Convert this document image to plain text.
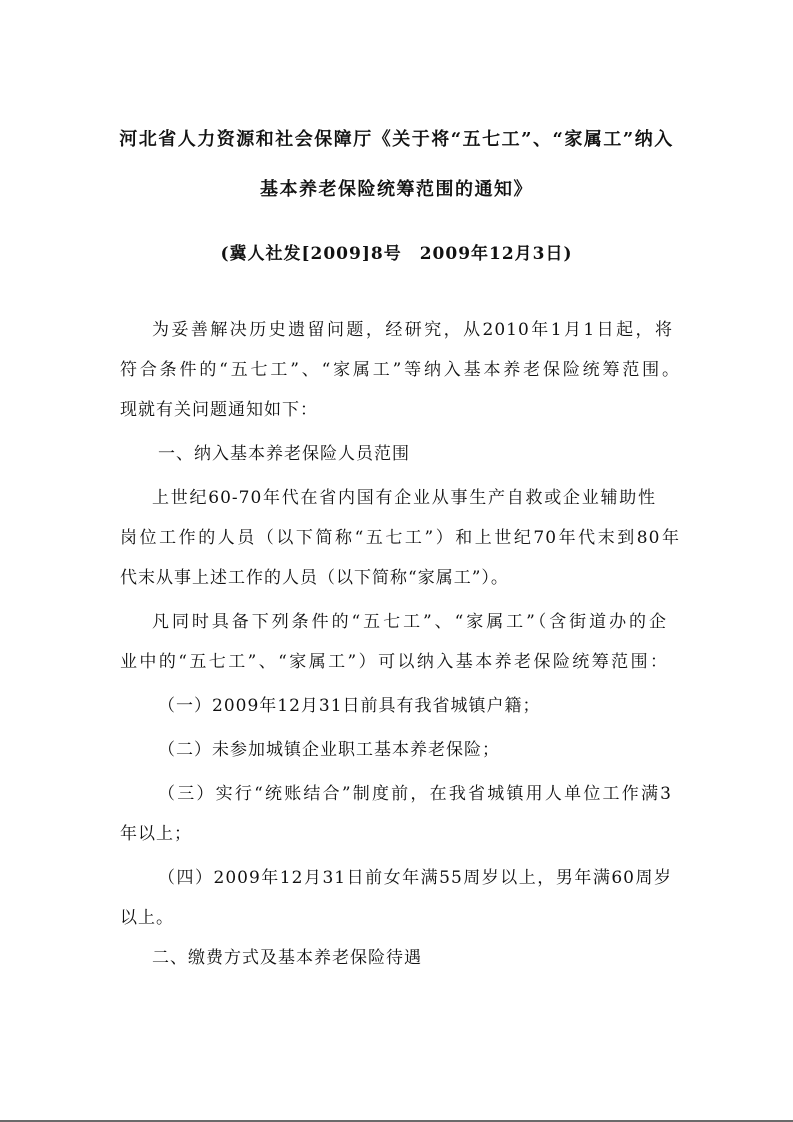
河北省人力资源和社会保障厅《关于将“五七工”、“家属工”纳入
基本养老保险统筹范围的通知》
(冀人社发[2009]8号　2009年12月3日)
为妥善解决历史遗留问题，经研究，从2010年1月1日起，将
符合条件的“五七工”、“家属工”等纳入基本养老保险统筹范围。
现就有关问题通知如下：
一、纳入基本养老保险人员范围
上世纪60-70年代在省内国有企业从事生产自救或企业辅助性
岗位工作的人员（以下简称“五七工”）和上世纪70年代末到80年
代末从事上述工作的人员（以下简称“家属工”）。
凡同时具备下列条件的“五七工”、“家属工”（含街道办的企
业中的“五七工”、“家属工”）可以纳入基本养老保险统筹范围：
（一）2009年12月31日前具有我省城镇户籍；
（二）未参加城镇企业职工基本养老保险；
（三）实行“统账结合”制度前，在我省城镇用人单位工作满3
年以上；
（四）2009年12月31日前女年满55周岁以上，男年满60周岁
以上。
二、缴费方式及基本养老保险待遇
